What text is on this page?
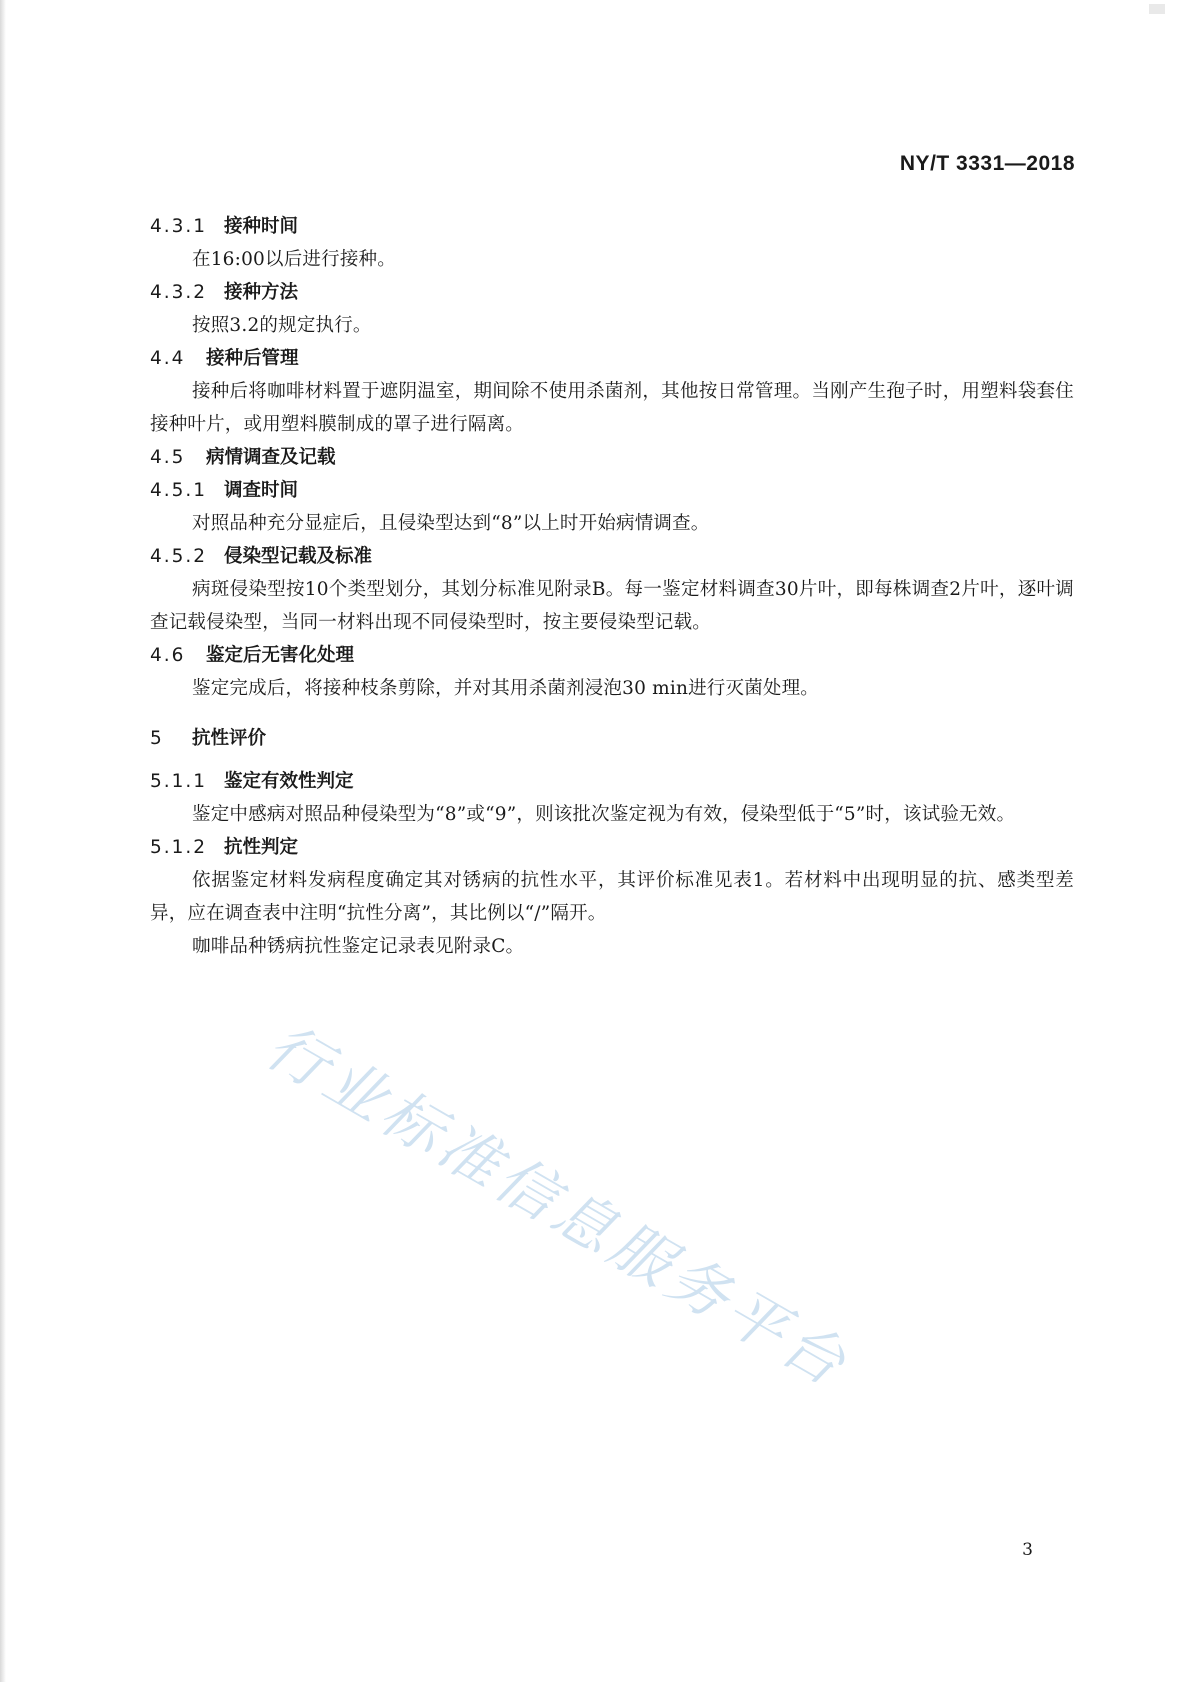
NY/T 3331—2018
4.3.1 接种时间
在16:00以后进行接种。
4.3.2 接种方法
按照3.2的规定执行。
4.4 接种后管理
接种后将咖啡材料置于遮阴温室，期间除不使用杀菌剂，其他按日常管理。当刚产生孢子时，用塑料袋套住接种叶片，或用塑料膜制成的罩子进行隔离。
4.5 病情调查及记载
4.5.1 调查时间
对照品种充分显症后，且侵染型达到“8”以上时开始病情调查。
4.5.2 侵染型记载及标准
病斑侵染型按10个类型划分，其划分标准见附录B。每一鉴定材料调查30片叶，即每株调查2片叶，逐叶调查记载侵染型，当同一材料出现不同侵染型时，按主要侵染型记载。
4.6 鉴定后无害化处理
鉴定完成后，将接种枝条剪除，并对其用杀菌剂浸泡30 min进行灭菌处理。
5 抗性评价
5.1.1 鉴定有效性判定
鉴定中感病对照品种侵染型为“8”或“9”，则该批次鉴定视为有效，侵染型低于“5”时，该试验无效。
5.1.2 抗性判定
依据鉴定材料发病程度确定其对锈病的抗性水平，其评价标准见表1。若材料中出现明显的抗、感类型差异，应在调查表中注明“抗性分离”，其比例以“/”隔开。
咖啡品种锈病抗性鉴定记录表见附录C。
行业标准信息服务平台
3
